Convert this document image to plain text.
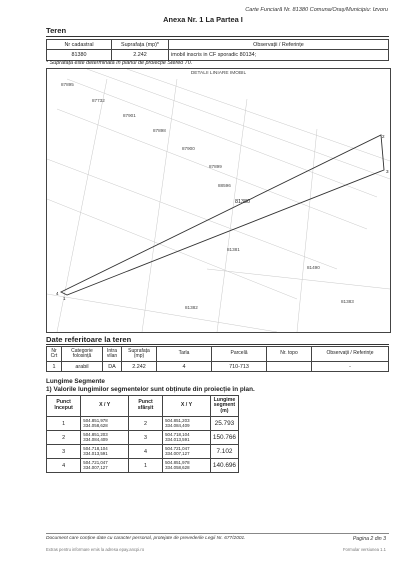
Carte Funciară Nr. 81380 Comuna/Oraş/Municipiu: Izvoru
Anexa Nr. 1 La Partea I
Teren
Nr cadastral	Suprafața (mp)*	Observații / Referințe
81380	2.242	imobil inscris in CF sporadic 80134;
* Suprafața este determinată în planul de proiecție Stereo 70.
DETALII LINIARE IMOBIL
87895
87732
87901
87898
87900
87899
88596
81381
81490
81382
81383
81380
1
4
2
3
Date referitoare la teren
Nr Crt	Categorie folosință	Intra vilan	Suprafața (mp)	Tarla	Parcelă	Nr. topo	Observații / Referințe
1	arabil	DA	2.242	4	710-713		-
Lungime Segmente
1) Valorile lungimilor segmentelor sunt obținute din proiecție în plan.
Punct început	X / Y	Punct sfârșit	X / Y	Lungime segment (m)
1	504.851,978
334.058,628	2	504.851,203
334.084,409	25.793
2	504.851,203
334.084,409	3	504.718,104
334.013,591	150.766
3	504.718,104
334.013,591	4	504.721,047
334.007,127	7.102
4	504.721,047
334.007,127	1	504.851,978
334.058,628	140.696
Document care conține date cu caracter personal, protejate de prevederile Legii Nr. 677/2001.	Pagina 2 din 3
Extras pentru informare emis la adresa epay.ancpi.ro	Formular versiunea 1.1
